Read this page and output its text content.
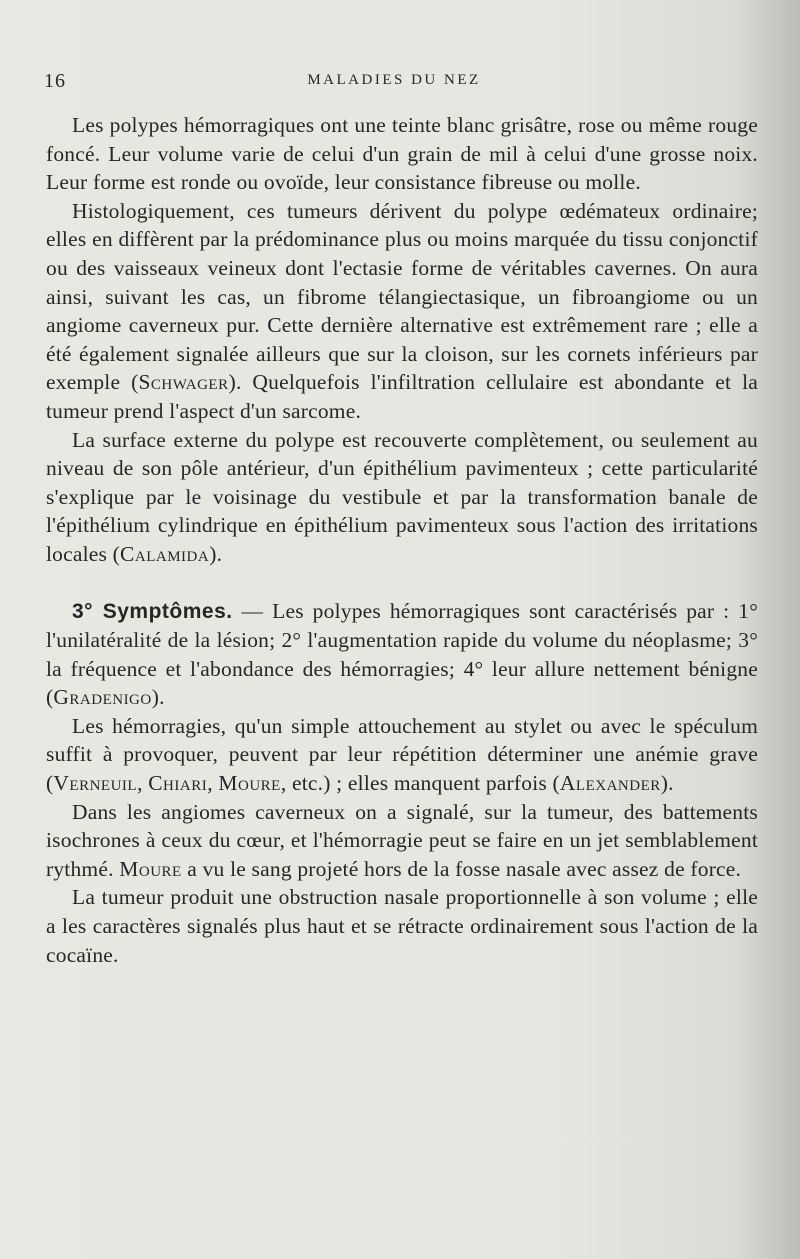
16	MALADIES DU NEZ

Les polypes hémorragiques ont une teinte blanc grisâtre, rose ou même rouge foncé. Leur volume varie de celui d'un grain de mil à celui d'une grosse noix. Leur forme est ronde ou ovoïde, leur consistance fibreuse ou molle.

Histologiquement, ces tumeurs dérivent du polype œdémateux ordinaire; elles en diffèrent par la prédominance plus ou moins marquée du tissu conjonctif ou des vaisseaux veineux dont l'ectasie forme de véritables cavernes. On aura ainsi, suivant les cas, un fibrome télangiectasique, un fibroangiome ou un angiome caverneux pur. Cette dernière alternative est extrêmement rare ; elle a été également signalée ailleurs que sur la cloison, sur les cornets inférieurs par exemple (Schwager). Quelquefois l'infiltration cellulaire est abondante et la tumeur prend l'aspect d'un sarcome.

La surface externe du polype est recouverte complètement, ou seulement au niveau de son pôle antérieur, d'un épithélium pavimenteux ; cette particularité s'explique par le voisinage du vestibule et par la transformation banale de l'épithélium cylindrique en épithélium pavimenteux sous l'action des irritations locales (Calamida).

3° Symptômes. — Les polypes hémorragiques sont caractérisés par : 1° l'unilatéralité de la lésion; 2° l'augmentation rapide du volume du néoplasme; 3° la fréquence et l'abondance des hémorragies; 4° leur allure nettement bénigne (Gradenigo).

Les hémorragies, qu'un simple attouchement au stylet ou avec le spéculum suffit à provoquer, peuvent par leur répétition déterminer une anémie grave (Verneuil, Chiari, Moure, etc.) ; elles manquent parfois (Alexander).

Dans les angiomes caverneux on a signalé, sur la tumeur, des battements isochrones à ceux du cœur, et l'hémorragie peut se faire en un jet semblablement rythmé. Moure a vu le sang projeté hors de la fosse nasale avec assez de force.

La tumeur produit une obstruction nasale proportionnelle à son volume ; elle a les caractères signalés plus haut et se rétracte ordinairement sous l'action de la cocaïne.
